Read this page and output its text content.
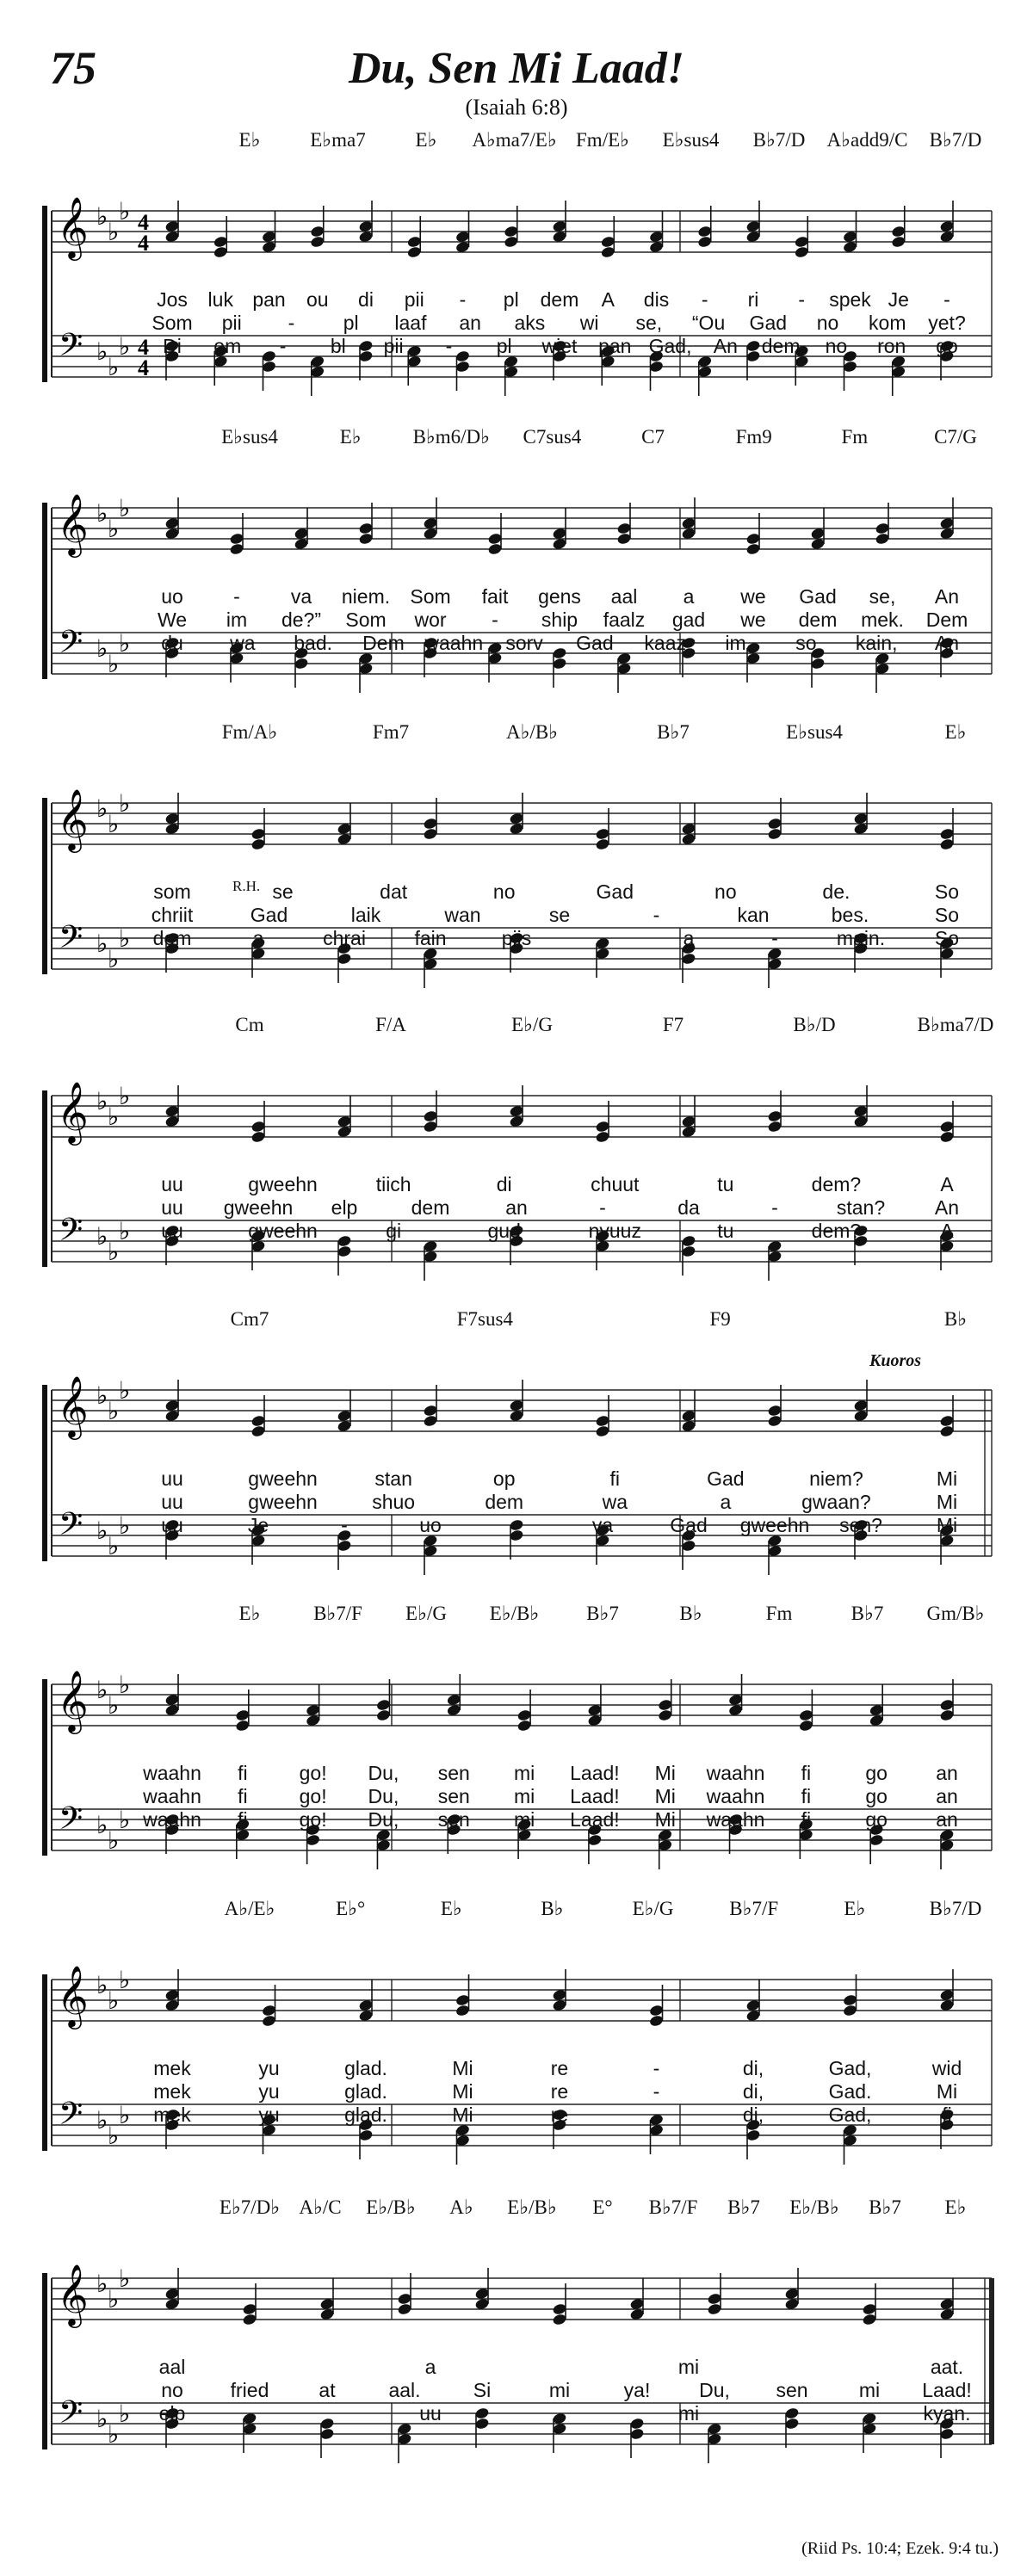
75	Du, Sen Mi Laad!
(Isaiah 6:8)
𝄞
𝄢
♭
♭
♭
♭
♭
♭
4
4
4
4
E♭	E♭ma7	E♭ A♭ma7/E♭ Fm/E♭ E♭sus4 B♭7/D A♭add9/C B♭7/D
Jos luk pan ou di pii - pl dem A dis - ri - spek Je -
Som pii - pl laaf an aks wi se, “Ou Gad no kom yet?
Di om - bl pii - pl wiet pan Gad, An dem no ron go
𝄞
𝄢
♭
♭
♭
♭
♭
♭
E♭sus4	E♭	B♭m6/D♭ C7sus4	C7	Fm9	Fm	C7/G
uo	-	va niem. Som fait gens aal a we Gad se, An
We im de?” Som wor - ship faalz gad we dem mek. Dem
du wa bad. Dem waahn sorv Gad kaaz im	so kain, An
𝄞
𝄢
♭
♭
♭
♭
♭
♭
Fm/A♭	Fm7	A♭/B♭	B♭7	E♭sus4	E♭
som	se	dat	no	Gad	no	de.	So
chriit	Gad	laik	wan	se	-	kan	bes.	So
dem	a	chrai fain	piis	-	a	-	main.	So
R.H.
𝄞
𝄢
♭
♭
♭
♭
♭
♭
Cm	F/A	E♭/G	F7	B♭/D	B♭ma7/D
uu	gweehn	tiich	di	chuut	tu	dem?	A
uu gweehn elp	dem	an	-	da	-	stan?	An
uu	gweehn	gi	gud	nyuuz	tu	dem?	A
𝄞
𝄢
♭
♭
♭
♭
♭
♭
Cm7	F7sus4	F9	B♭
uu	gweehn	stan	op	fi	Gad	niem?	Mi
uu	gweehn	shuo	dem	wa	a	gwaan?	Mi
uu	Je	-	uo	-	va	Gad gweehn sen?	Mi
Kuoros
𝄞
𝄢
♭
♭
♭
♭
♭
♭
E♭	B♭7/F E♭/G E♭/B♭ B♭7	B♭	Fm	B♭7 Gm/B♭
waahn fi	go! Du, sen mi Laad! Mi waahn fi	go an
waahn fi	go! Du, sen mi Laad! Mi waahn fi	go an
waahn fi	go! Du, sen mi Laad! Mi waahn fi	go an
𝄞
𝄢
♭
♭
♭
♭
♭
♭
A♭/E♭	E♭°	E♭	B♭	E♭/G	B♭7/F	E♭	B♭7/D
mek	yu	glad.	Mi	re	-	di,	Gad,	wid
mek	yu	glad.	Mi	re	-	di,	Gad.	Mi
mek	yu	glad.	Mi	re	-	di,	Gad,	fi
𝄞
𝄢
♭
♭
♭
♭
♭
♭
E♭7/D♭ A♭/C E♭/B♭ A♭ E♭/B♭ E° B♭7/F B♭7 E♭/B♭ B♭7 E♭
aal	a	mi	aat.
no fried	at	aal.	Si	mi	ya! Du, sen	mi Laad!
elp	uu	mi	kyan.
(Riid Ps. 10:4; Ezek. 9:4 tu.)
